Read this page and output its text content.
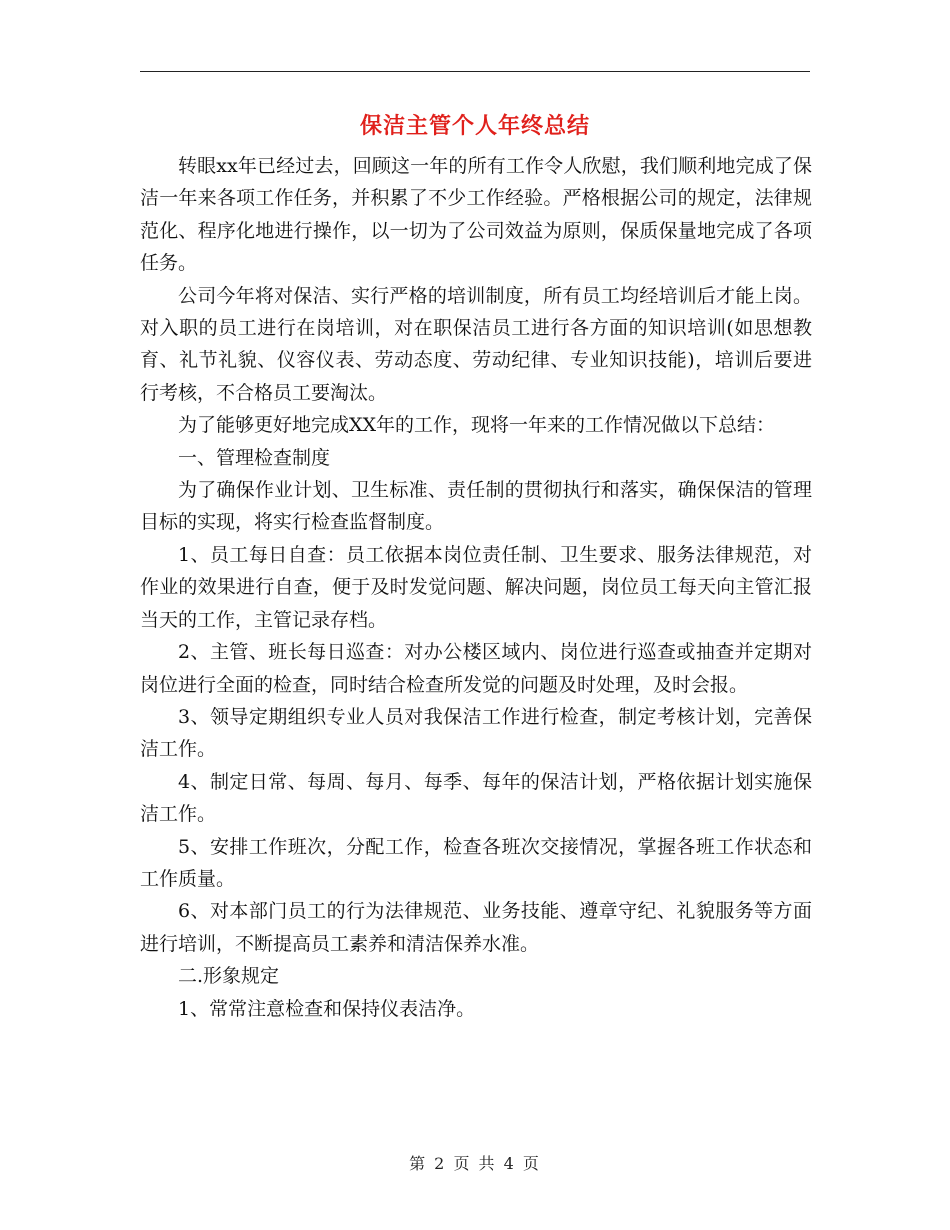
保洁主管个人年终总结

转眼xx年已经过去，回顾这一年的所有工作令人欣慰，我们顺利地完成了保洁一年来各项工作任务，并积累了不少工作经验。严格根据公司的规定，法律规范化、程序化地进行操作，以一切为了公司效益为原则，保质保量地完成了各项任务。

公司今年将对保洁、实行严格的培训制度，所有员工均经培训后才能上岗。对入职的员工进行在岗培训，对在职保洁员工进行各方面的知识培训(如思想教育、礼节礼貌、仪容仪表、劳动态度、劳动纪律、专业知识技能)，培训后要进行考核，不合格员工要淘汰。

为了能够更好地完成XX年的工作，现将一年来的工作情况做以下总结：

一、管理检查制度

为了确保作业计划、卫生标准、责任制的贯彻执行和落实，确保保洁的管理目标的实现，将实行检查监督制度。

1、员工每日自查：员工依据本岗位责任制、卫生要求、服务法律规范，对作业的效果进行自查，便于及时发觉问题、解决问题，岗位员工每天向主管汇报当天的工作，主管记录存档。

2、主管、班长每日巡查：对办公楼区域内、岗位进行巡查或抽查并定期对岗位进行全面的检查，同时结合检查所发觉的问题及时处理，及时会报。

3、领导定期组织专业人员对我保洁工作进行检查，制定考核计划，完善保洁工作。

4、制定日常、每周、每月、每季、每年的保洁计划，严格依据计划实施保洁工作。

5、安排工作班次，分配工作，检查各班次交接情况，掌握各班工作状态和工作质量。

6、对本部门员工的行为法律规范、业务技能、遵章守纪、礼貌服务等方面进行培训，不断提高员工素养和清洁保养水准。

二.形象规定

1、常常注意检查和保持仪表洁净。

第 2 页 共 4 页
